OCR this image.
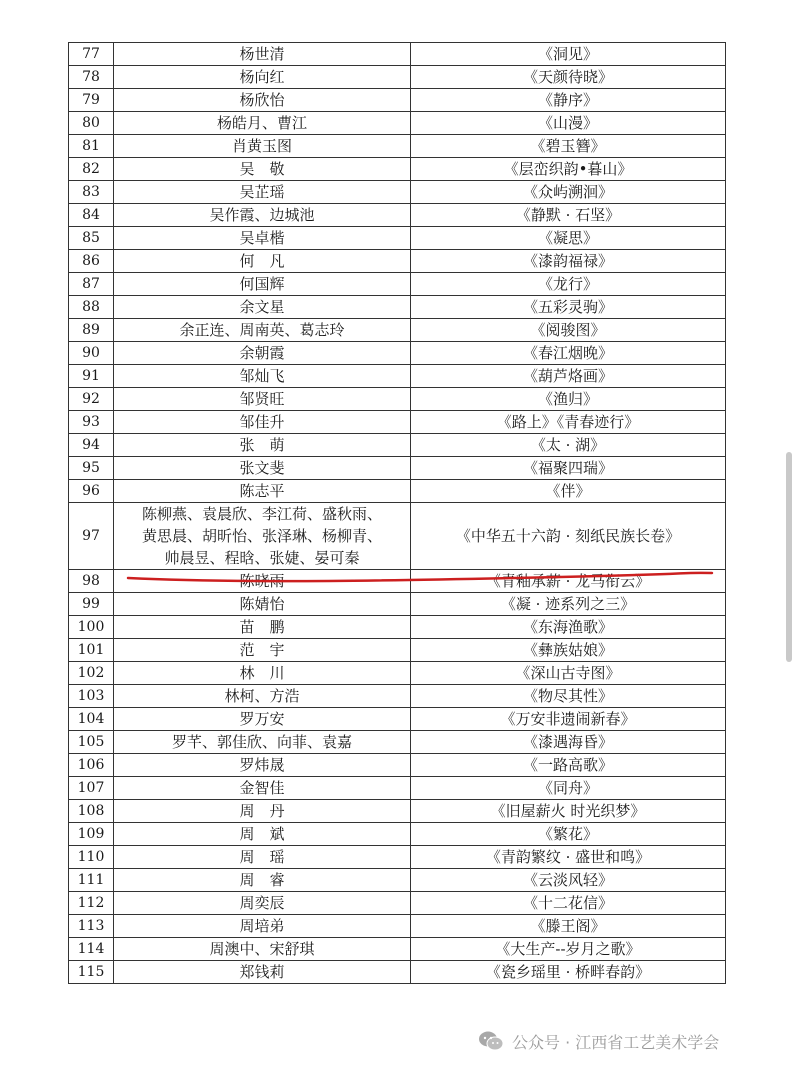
77	杨世清	《洞见》
78	杨向红	《天颜待晓》
79	杨欣怡	《静序》
80	杨皓月、曹江	《山漫》
81	肖黄玉图	《碧玉簪》
82	吴　敬	《层峦织韵•暮山》
83	吴芷瑶	《众屿溯洄》
84	吴作霞、边城池	《静默 · 石坚》
85	吴卓楷	《凝思》
86	何　凡	《漆韵福禄》
87	何国辉	《龙行》
88	余文星	《五彩灵驹》
89	余正连、周南英、葛志玲	《阅骏图》
90	余朝霞	《春江烟晚》
91	邹灿飞	《葫芦烙画》
92	邹贤旺	《渔归》
93	邹佳升	《路上》《青春迹行》
94	张　萌	《太 · 湖》
95	张文斐	《福聚四瑞》
96	陈志平	《伴》
97	陈柳燕、袁晨欣、李江荷、盛秋雨、
黄思晨、胡昕怡、张泽琳、杨柳青、
帅晨昱、程晗、张婕、晏可秦	《中华五十六韵 · 刻纸民族长卷》
98	陈晓雨	《青釉承薪 · 龙马衔云》
99	陈婧怡	《凝 · 迹系列之三》
100	苗　鹏	《东海渔歌》
101	范　宇	《彝族姑娘》
102	林　川	《深山古寺图》
103	林柯、方浩	《物尽其性》
104	罗万安	《万安非遗闹新春》
105	罗芊、郭佳欣、向菲、袁嘉	《漆遇海昏》
106	罗炜晟	《一路高歌》
107	金智佳	《同舟》
108	周　丹	《旧屋薪火 时光织梦》
109	周　斌	《繁花》
110	周　瑶	《青韵繁纹 · 盛世和鸣》
111	周　睿	《云淡风轻》
112	周奕辰	《十二花信》
113	周培弟	《滕王阁》
114	周澳中、宋舒琪	《大生产--岁月之歌》
115	郑钱莉	《瓷乡瑶里 · 桥畔春韵》
公众号 · 江西省工艺美术学会
